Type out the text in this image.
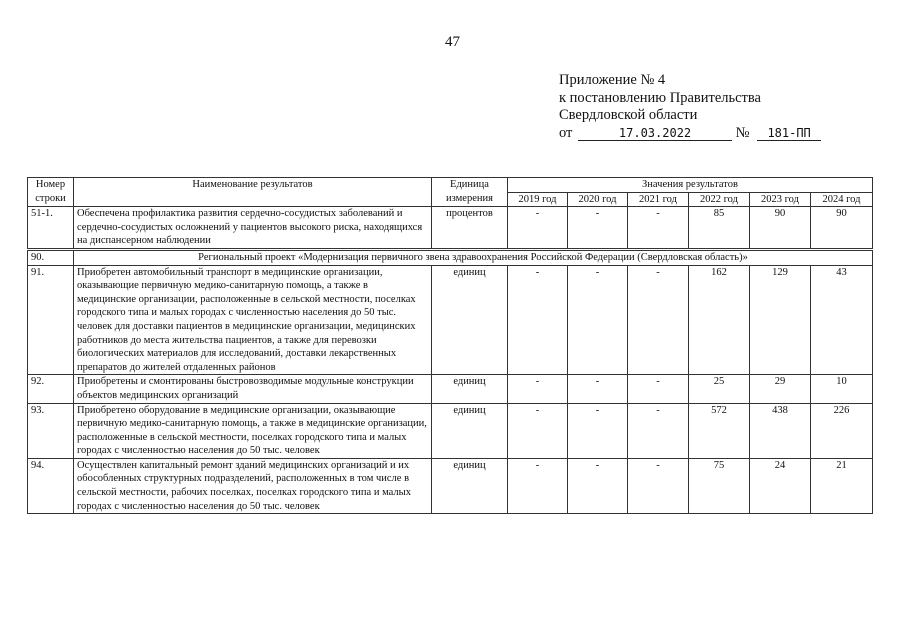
47
Приложение № 4
к постановлению Правительства
Свердловской области
от	17.03.2022	№ 181-ПП
Номер строки	Наименование результатов	Единица измерения	Значения результатов					
			2019 год	2020 год	2021 год	2022 год	2023 год	2024 год
51-1.	Обеспечена профилактика развития сердечно-сосудистых заболеваний и сердечно-сосудистых осложнений у пациентов высокого риска, находящихся на диспансерном наблюдении	процентов	-	-	-	85	90	90
90.	Региональный проект «Модернизация первичного звена здравоохранения Российской Федерации (Свердловская область)»							
91.	Приобретен автомобильный транспорт в медицинские организации, оказывающие первичную медико-санитарную помощь, а также в медицинские организации, расположенные в сельской местности, поселках городского типа и малых городах с численностью населения до 50 тыс. человек для доставки пациентов в медицинские организации, медицинских работников до места жительства пациентов, а также для перевозки биологических материалов для исследований, доставки лекарственных препаратов до жителей отдаленных районов	единиц	-	-	-	162	129	43
92.	Приобретены и смонтированы быстровозводимые модульные конструкции объектов медицинских организаций	единиц	-	-	-	25	29	10
93.	Приобретено оборудование в медицинские организации, оказывающие первичную медико-санитарную помощь, а также в медицинские организации, расположенные в сельской местности, поселках городского типа и малых городах с численностью населения до 50 тыс. человек	единиц	-	-	-	572	438	226
94.	Осуществлен капитальный ремонт зданий медицинских организаций и их обособленных структурных подразделений, расположенных в том числе в сельской местности, рабочих поселках, поселках городского типа и малых городах с численностью населения до 50 тыс. человек	единиц	-	-	-	75	24	21
